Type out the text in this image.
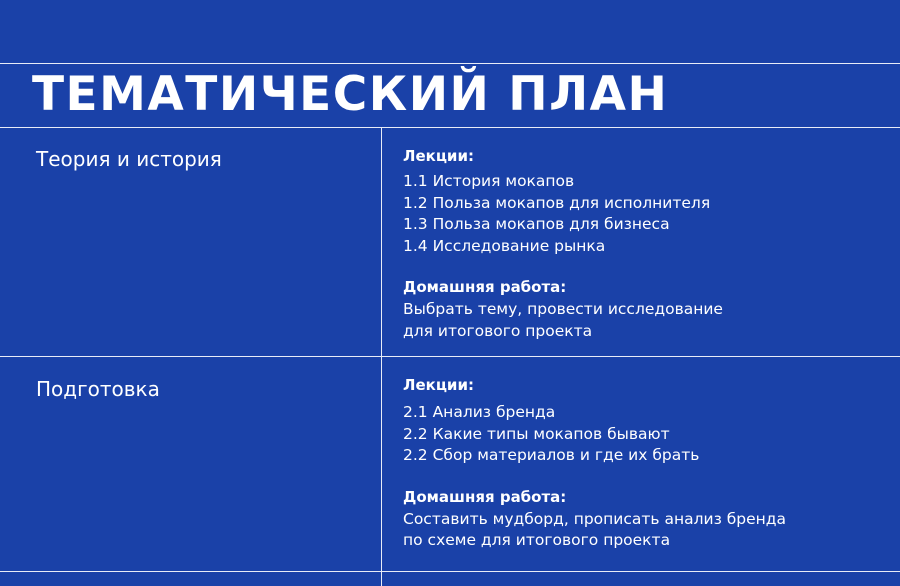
ТЕМАТИЧЕСКИЙ ПЛАН
Теория и история	Лекции:
1.1 История мокапов
1.2 Польза мокапов для исполнителя
1.3 Польза мокапов для бизнеса
1.4 Исследование рынка
Домашняя работа:
Выбрать тему, провести исследование
для итогового проекта
Подготовка	Лекции:
2.1 Анализ бренда
2.2 Какие типы мокапов бывают
2.2 Сбор материалов и где их брать
Домашняя работа:
Составить мудборд, прописать анализ бренда
по схеме для итогового проекта
